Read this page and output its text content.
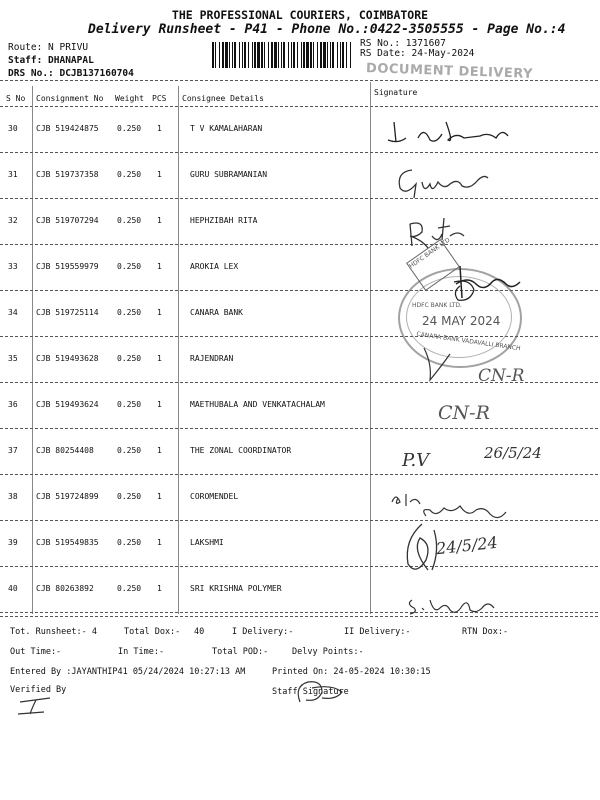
THE PROFESSIONAL COURIERS, COIMBATORE
Delivery Runsheet - P41 - Phone No.:0422-3505555 - Page No.:4
Route: N PRIVU
Staff: DHANAPAL
DRS No.: DCJB137160704
RS No.: 1371607
RS Date: 24-May-2024
DOCUMENT DELIVERY
S No Consignment No Weight PCS Consignee Details
Signature
30 CJB 519424875 0.250 1	T V KAMALAHARAN
31 CJB 519737358 0.250 1	GURU SUBRAMANIAN
32 CJB 519707294 0.250 1	HEPHZIBAH RITA
33 CJB 519559979 0.250 1	AROKIA LEX
34 CJB 519725114 0.250 1	CANARA BANK
35 CJB 519493628 0.250 1	RAJENDRAN
36 CJB 519493624 0.250 1	MAETHUBALA AND VENKATACHALAM
37 CJB 80254408	0.250 1	THE ZONAL COORDINATOR
38 CJB 519724899 0.250 1	COROMENDEL
39 CJB 519549835 0.250 1	LAKSHMI
40 CJB 80263892	0.250 1	SRI KRISHNA POLYMER
HDFC BANK LTD.
24 MAY 2024
CANARA BANK VADAVALLI BRANCH
HDFC BANK LTD
CN-R
CN-R
P.V	26/5/24
24/5/24
Tot. Runsheet:- 4	Total Dox:- 40	I Delivery:-	II Delivery:-	RTN Dox:-
Out Time:-	In Time:-	Total POD:-	Delvy Points:-
Entered By :JAYANTHIP41 05/24/2024 10:27:13 AM	Printed On: 24-05-2024 10:30:15
Verified By	Staff Signature
